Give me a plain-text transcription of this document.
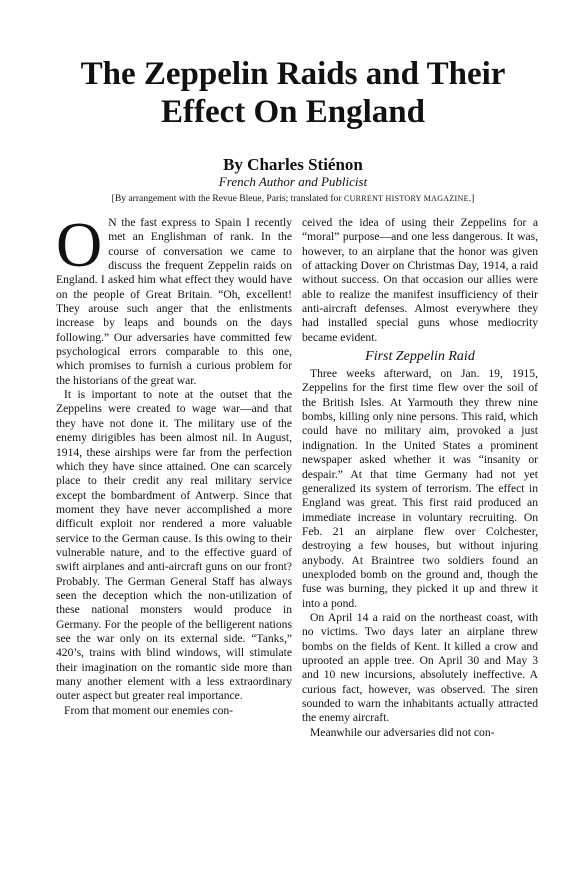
The Zeppelin Raids and Their
Effect On England
By Charles Stiénon
French Author and Publicist
[By arrangement with the Revue Bleue, Paris; translated for CURRENT HISTORY MAGAZINE.]

O N the fast express to Spain I recently met an Englishman of rank. In the course of conversation we came to discuss the frequent Zeppelin raids on England. I asked him what effect they would have on the people of Great Britain. “Oh, excellent! They arouse such anger that the enlistments increase by leaps and bounds on the days following.” Our adversaries have committed few psychological errors comparable to this one, which promises to furnish a curious problem for the historians of the great war.

It is important to note at the outset that the Zeppelins were created to wage war—and that they have not done it. The military use of the enemy dirigibles has been almost nil. In August, 1914, these airships were far from the perfection which they have since attained. One can scarcely place to their credit any real military service except the bombardment of Antwerp. Since that moment they have never accomplished a more difficult exploit nor rendered a more valuable service to the German cause. Is this owing to their vulnerable nature, and to the effective guard of swift airplanes and anti-aircraft guns on our front? Probably. The German General Staff has always seen the deception which the non-utilization of these national monsters would produce in Germany. For the people of the belligerent nations see the war only on its external side. “Tanks,” 420’s, trains with blind windows, will stimulate their imagination on the romantic side more than many another element with a less extraordinary outer aspect but greater real importance.

From that moment our enemies con-

ceived the idea of using their Zeppelins for a “moral” purpose—and one less dangerous. It was, however, to an airplane that the honor was given of attacking Dover on Christmas Day, 1914, a raid without success. On that occasion our allies were able to realize the manifest insufficiency of their anti-aircraft defenses. Almost everywhere they had installed special guns whose mediocrity became evident.

First Zeppelin Raid

Three weeks afterward, on Jan. 19, 1915, Zeppelins for the first time flew over the soil of the British Isles. At Yarmouth they threw nine bombs, killing only nine persons. This raid, which could have no military aim, provoked a just indignation. In the United States a prominent newspaper asked whether it was “insanity or despair.” At that time Germany had not yet generalized its system of terrorism. The effect in England was great. This first raid produced an immediate increase in voluntary recruiting. On Feb. 21 an airplane flew over Colchester, destroying a few houses, but without injuring anybody. At Braintree two soldiers found an unexploded bomb on the ground and, though the fuse was burning, they picked it up and threw it into a pond.

On April 14 a raid on the northeast coast, with no victims. Two days later an airplane threw bombs on the fields of Kent. It killed a crow and uprooted an apple tree. On April 30 and May 3 and 10 new incursions, absolutely ineffective. A curious fact, however, was observed. The siren sounded to warn the inhabitants actually attracted the enemy aircraft.

Meanwhile our adversaries did not con-
